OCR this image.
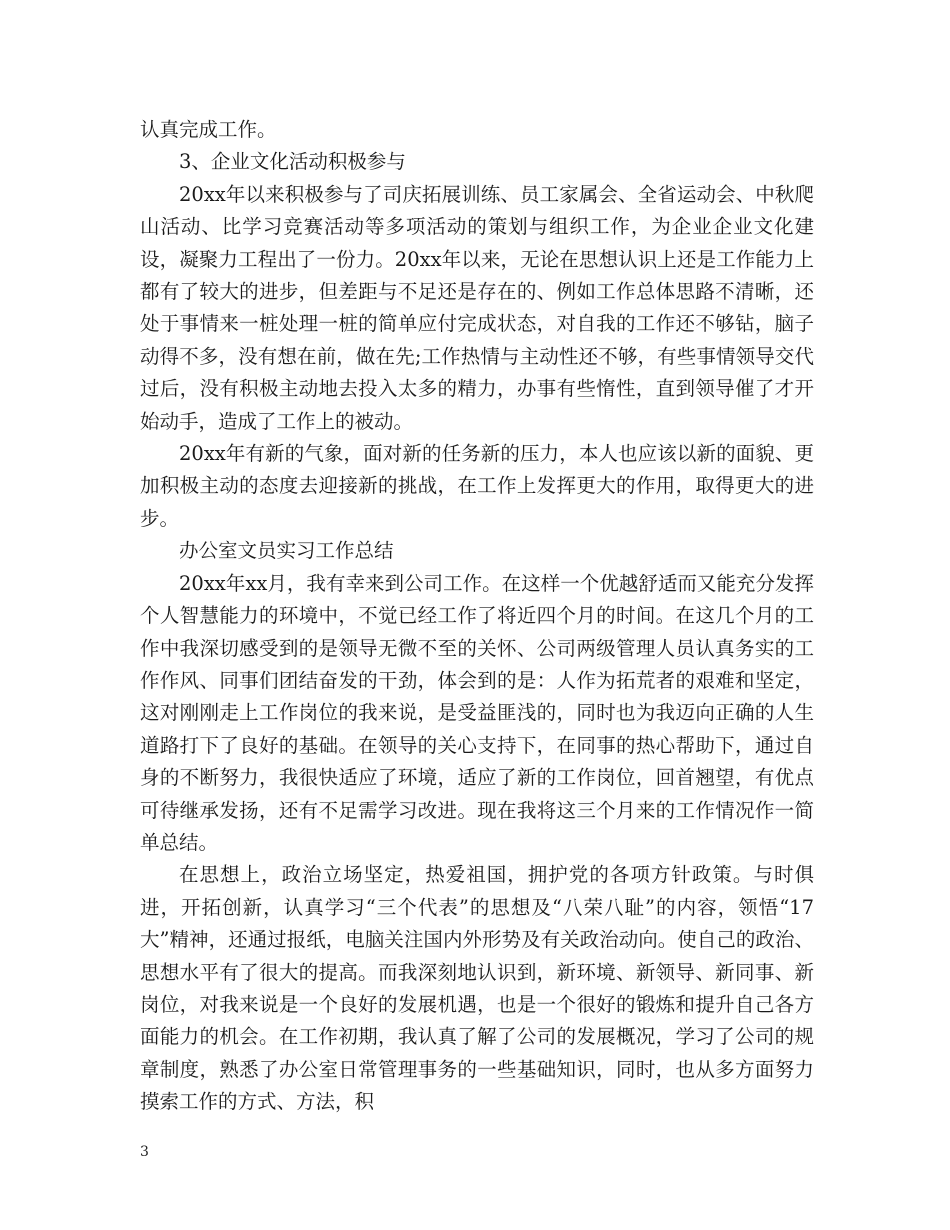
认真完成工作。

3、企业文化活动积极参与

20xx年以来积极参与了司庆拓展训练、员工家属会、全省运动会、中秋爬山活动、比学习竞赛活动等多项活动的策划与组织工作，为企业企业文化建设，凝聚力工程出了一份力。20xx年以来，无论在思想认识上还是工作能力上都有了较大的进步，但差距与不足还是存在的、例如工作总体思路不清晰，还处于事情来一桩处理一桩的简单应付完成状态，对自我的工作还不够钻，脑子动得不多，没有想在前，做在先;工作热情与主动性还不够，有些事情领导交代过后，没有积极主动地去投入太多的精力，办事有些惰性，直到领导催了才开始动手，造成了工作上的被动。

20xx年有新的气象，面对新的任务新的压力，本人也应该以新的面貌、更加积极主动的态度去迎接新的挑战，在工作上发挥更大的作用，取得更大的进步。

办公室文员实习工作总结

20xx年xx月，我有幸来到公司工作。在这样一个优越舒适而又能充分发挥个人智慧能力的环境中，不觉已经工作了将近四个月的时间。在这几个月的工作中我深切感受到的是领导无微不至的关怀、公司两级管理人员认真务实的工作作风、同事们团结奋发的干劲，体会到的是：人作为拓荒者的艰难和坚定，这对刚刚走上工作岗位的我来说，是受益匪浅的，同时也为我迈向正确的人生道路打下了良好的基础。在领导的关心支持下，在同事的热心帮助下，通过自身的不断努力，我很快适应了环境，适应了新的工作岗位，回首翘望，有优点可待继承发扬，还有不足需学习改进。现在我将这三个月来的工作情况作一简单总结。

在思想上，政治立场坚定，热爱祖国，拥护党的各项方针政策。与时俱进，开拓创新，认真学习“三个代表”的思想及“八荣八耻”的内容，领悟“17大”精神，还通过报纸，电脑关注国内外形势及有关政治动向。使自己的政治、思想水平有了很大的提高。而我深刻地认识到，新环境、新领导、新同事、新岗位，对我来说是一个良好的发展机遇，也是一个很好的锻炼和提升自己各方面能力的机会。在工作初期，我认真了解了公司的发展概况，学习了公司的规章制度，熟悉了办公室日常管理事务的一些基础知识，同时，也从多方面努力摸索工作的方式、方法，积

3
